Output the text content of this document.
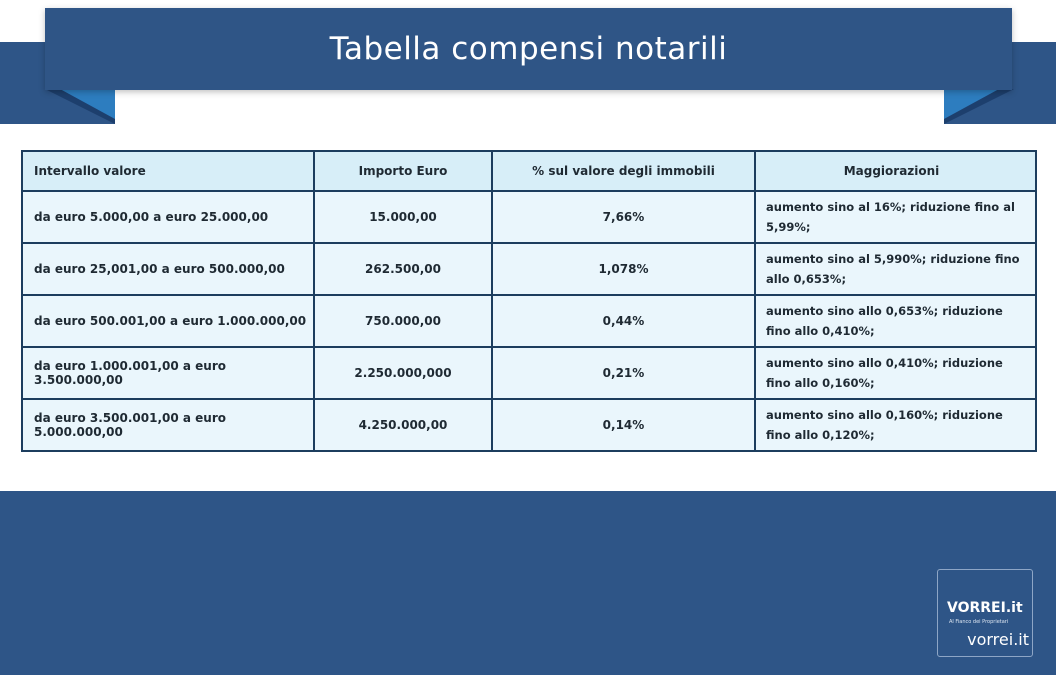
Tabella compensi notarili
Intervallo valore	Importo Euro	% sul valore degli immobili	Maggiorazioni
da euro 5.000,00 a euro 25.000,00	15.000,00	7,66%	aumento sino al 16%; riduzione fino al 5,99%;
da euro 25,001,00 a euro 500.000,00	262.500,00	1,078%	aumento sino al 5,990%; riduzione fino allo 0,653%;
da euro 500.001,00 a euro 1.000.000,00	750.000,00	0,44%	aumento sino allo 0,653%; riduzione fino allo 0,410%;
da euro 1.000.001,00 a euro 3.500.000,00	2.250.000,000	0,21%	aumento sino allo 0,410%; riduzione fino allo 0,160%;
da euro 3.500.001,00 a euro 5.000.000,00	4.250.000,00	0,14%	aumento sino allo 0,160%; riduzione fino allo 0,120%;
VORREI.it
Al Fianco dei Proprietari
vorrei.it
